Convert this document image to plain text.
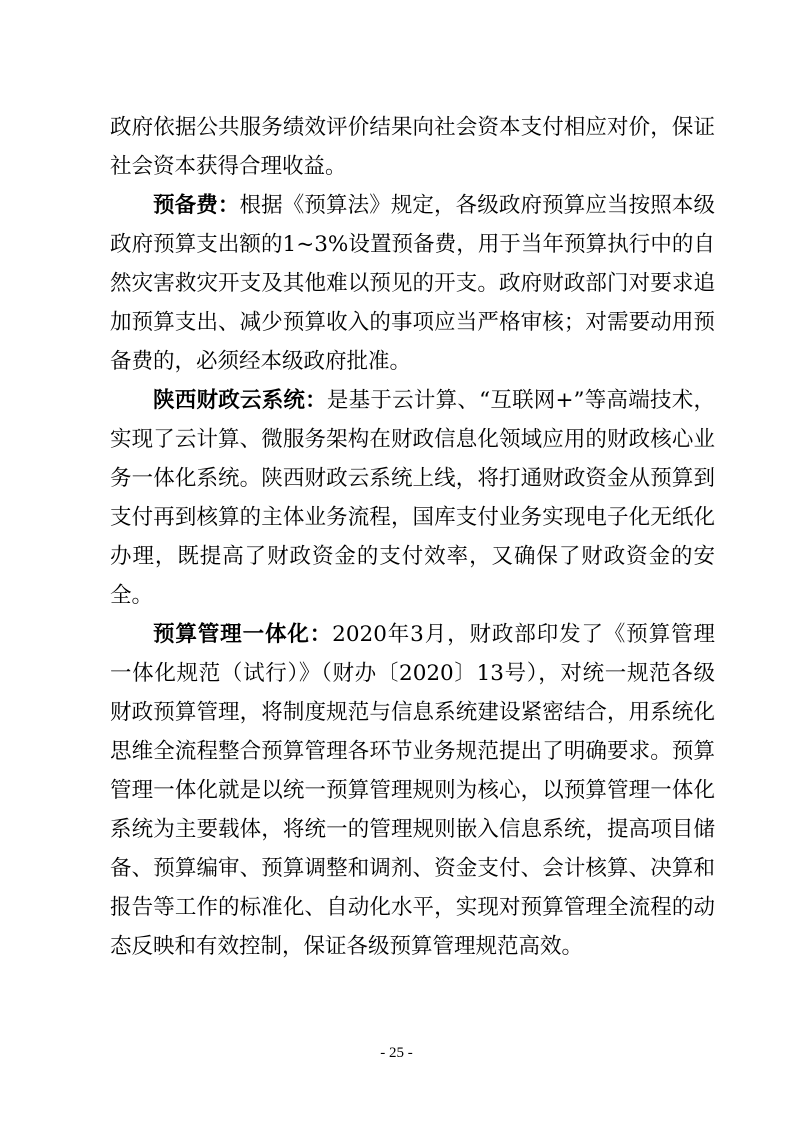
政府依据公共服务绩效评价结果向社会资本支付相应对价，保证社会资本获得合理收益。

预备费：根据《预算法》规定，各级政府预算应当按照本级政府预算支出额的1~3%设置预备费，用于当年预算执行中的自然灾害救灾开支及其他难以预见的开支。政府财政部门对要求追加预算支出、减少预算收入的事项应当严格审核；对需要动用预备费的，必须经本级政府批准。

陕西财政云系统：是基于云计算、“互联网+”等高端技术，实现了云计算、微服务架构在财政信息化领域应用的财政核心业务一体化系统。陕西财政云系统上线，将打通财政资金从预算到支付再到核算的主体业务流程，国库支付业务实现电子化无纸化办理，既提高了财政资金的支付效率，又确保了财政资金的安全。

预算管理一体化：2020年3月，财政部印发了《预算管理一体化规范（试行）》（财办〔2020〕13号），对统一规范各级财政预算管理，将制度规范与信息系统建设紧密结合，用系统化思维全流程整合预算管理各环节业务规范提出了明确要求。预算管理一体化就是以统一预算管理规则为核心，以预算管理一体化系统为主要载体，将统一的管理规则嵌入信息系统，提高项目储备、预算编审、预算调整和调剂、资金支付、会计核算、决算和报告等工作的标准化、自动化水平，实现对预算管理全流程的动态反映和有效控制，保证各级预算管理规范高效。

- 25 -
